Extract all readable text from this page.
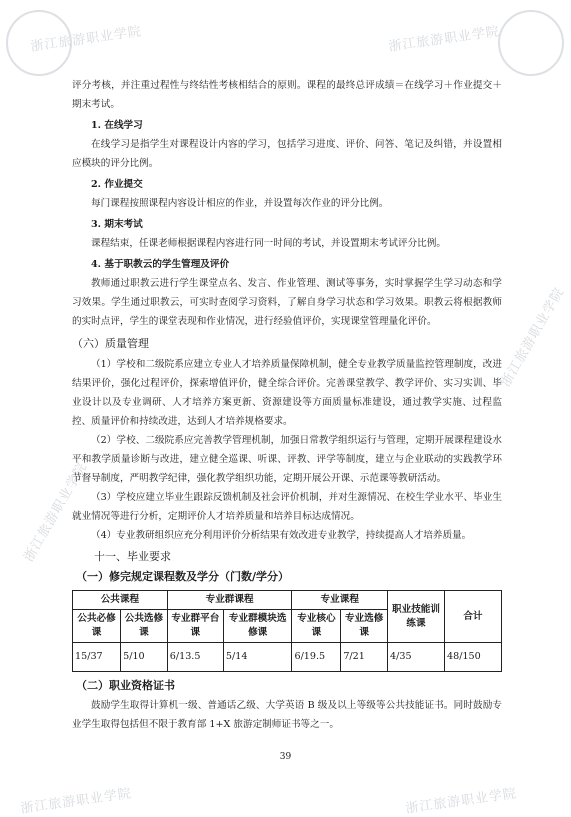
浙江旅游职业学院	浙江旅游职业学院
浙江旅游职业学院
浙江旅游职业学院
浙江旅游职业学院	浙江旅游职业学院

评分考核，并注重过程性与终结性考核相结合的原则。课程的最终总评成绩＝在线学习＋作业提交＋期末考试。

1. 在线学习

在线学习是指学生对课程设计内容的学习，包括学习进度、评价、问答、笔记及纠错，并设置相应模块的评分比例。

2. 作业提交

每门课程按照课程内容设计相应的作业，并设置每次作业的评分比例。

3. 期末考试

课程结束，任课老师根据课程内容进行同一时间的考试，并设置期末考试评分比例。

4. 基于职教云的学生管理及评价

教师通过职教云进行学生课堂点名、发言、作业管理、测试等事务，实时掌握学生学习动态和学习效果。学生通过职教云，可实时查阅学习资料，了解自身学习状态和学习效果。职教云将根据教师的实时点评，学生的课堂表现和作业情况，进行经验值评价，实现课堂管理量化评价。

（六）质量管理

（1）学校和二级院系应建立专业人才培养质量保障机制，健全专业教学质量监控管理制度，改进结果评价，强化过程评价，探索增值评价，健全综合评价。完善课堂教学、教学评价、实习实训、毕业设计以及专业调研、人才培养方案更新、资源建设等方面质量标准建设，通过教学实施、过程监控、质量评价和持续改进，达到人才培养规格要求。

（2）学校、二级院系应完善教学管理机制，加强日常教学组织运行与管理，定期开展课程建设水平和教学质量诊断与改进，建立健全巡课、听课、评教、评学等制度，建立与企业联动的实践教学环节督导制度，严明教学纪律，强化教学组织功能，定期开展公开课、示范课等教研活动。

（3）学校应建立毕业生跟踪反馈机制及社会评价机制，并对生源情况、在校生学业水平、毕业生就业情况等进行分析，定期评价人才培养质量和培养目标达成情况。

（4）专业教研组织应充分利用评价分析结果有效改进专业教学，持续提高人才培养质量。

十一、毕业要求
（一）修完规定课程数及学分（门数/学分）
公共课程		专业群课程		专业课程		职业技能训练课	合计
公共必修课	公共选修课	专业群平台课	专业群模块选修课	专业核心课	专业选修课		
15/37	5/10	6/13.5	5/14	6/19.5	7/21	4/35	48/150
（二）职业资格证书

鼓励学生取得计算机一级、普通话乙级、大学英语 B 级及以上等级等公共技能证书。同时鼓励专业学生取得包括但不限于教育部 1+X 旅游定制师证书等之一。

39
